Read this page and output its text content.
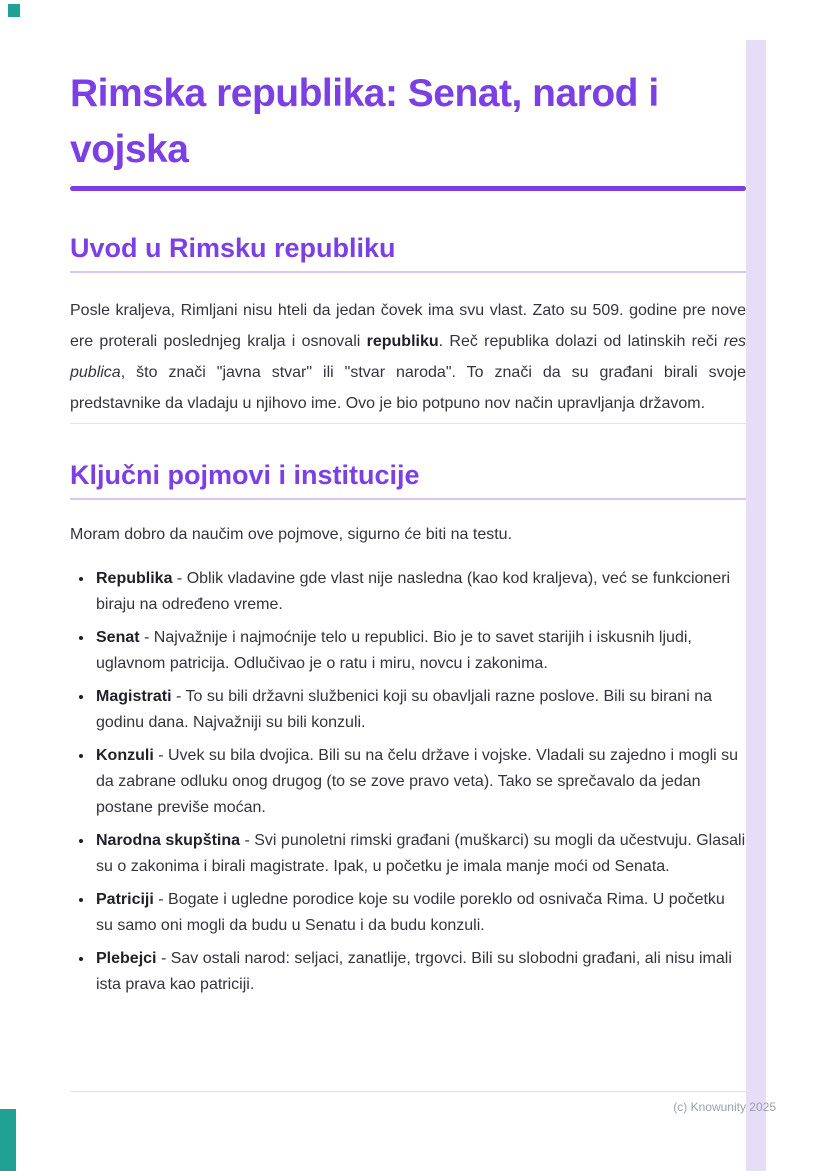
Rimska republika: Senat, narod i vojska
Uvod u Rimsku republiku

Posle kraljeva, Rimljani nisu hteli da jedan čovek ima svu vlast. Zato su 509. godine pre nove ere proterali poslednjeg kralja i osnovali republiku. Reč republika dolazi od latinskih reči res publica, što znači "javna stvar" ili "stvar naroda". To znači da su građani birali svoje predstavnike da vladaju u njihovo ime. Ovo je bio potpuno nov način upravljanja državom.

Ključni pojmovi i institucije

Moram dobro da naučim ove pojmove, sigurno će biti na testu.

• Republika - Oblik vladavine gde vlast nije nasledna (kao kod kraljeva), već se funkcioneri biraju na određeno vreme.
• Senat - Najvažnije i najmoćnije telo u republici. Bio je to savet starijih i iskusnih ljudi, uglavnom patricija. Odlučivao je o ratu i miru, novcu i zakonima.
• Magistrati - To su bili državni službenici koji su obavljali razne poslove. Bili su birani na godinu dana. Najvažniji su bili konzuli.
• Konzuli - Uvek su bila dvojica. Bili su na čelu države i vojske. Vladali su zajedno i mogli su da zabrane odluku onog drugog (to se zove pravo veta). Tako se sprečavalo da jedan postane previše moćan.
• Narodna skupština - Svi punoletni rimski građani (muškarci) su mogli da učestvuju. Glasali su o zakonima i birali magistrate. Ipak, u početku je imala manje moći od Senata.
• Patriciji - Bogate i ugledne porodice koje su vodile poreklo od osnivača Rima. U početku su samo oni mogli da budu u Senatu i da budu konzuli.
• Plebejci - Sav ostali narod: seljaci, zanatlije, trgovci. Bili su slobodni građani, ali nisu imali ista prava kao patriciji.
(c) Knowunity 2025
